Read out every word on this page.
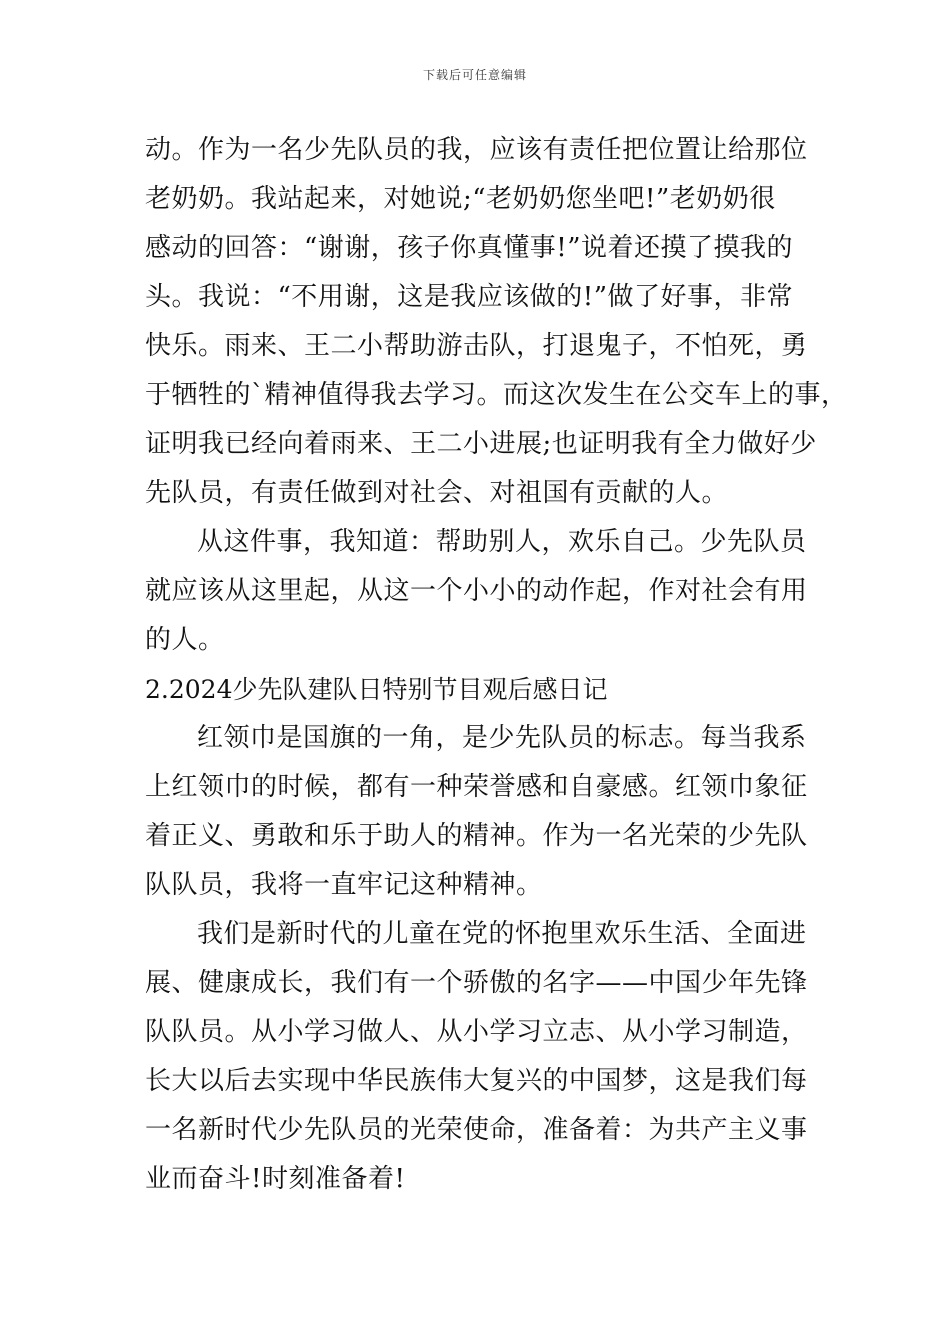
下载后可任意编辑
动。作为一名少先队员的我，应该有责任把位置让给那位
老奶奶。我站起来，对她说;“老奶奶您坐吧!”老奶奶很
感动的回答：“谢谢，孩子你真懂事!”说着还摸了摸我的
头。我说：“不用谢，这是我应该做的!”做了好事，非常
快乐。雨来、王二小帮助游击队，打退鬼子，不怕死，勇
于牺牲的`精神值得我去学习。而这次发生在公交车上的事，
证明我已经向着雨来、王二小进展;也证明我有全力做好少
先队员，有责任做到对社会、对祖国有贡献的人。
从这件事，我知道：帮助别人，欢乐自己。少先队员
就应该从这里起，从这一个小小的动作起，作对社会有用
的人。
2.2024少先队建队日特别节目观后感日记
红领巾是国旗的一角，是少先队员的标志。每当我系
上红领巾的时候，都有一种荣誉感和自豪感。红领巾象征
着正义、勇敢和乐于助人的精神。作为一名光荣的少先队
队队员，我将一直牢记这种精神。
我们是新时代的儿童在党的怀抱里欢乐生活、全面进
展、健康成长，我们有一个骄傲的名字——中国少年先锋
队队员。从小学习做人、从小学习立志、从小学习制造，
长大以后去实现中华民族伟大复兴的中国梦，这是我们每
一名新时代少先队员的光荣使命，准备着：为共产主义事
业而奋斗!时刻准备着!
